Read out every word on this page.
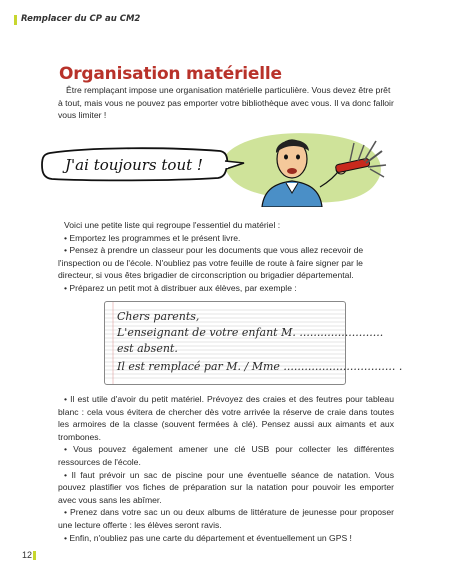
Remplacer du CP au CM2
Organisation matérielle
Être remplaçant impose une organisation matérielle particulière. Vous devez être prêt à tout, mais vous ne pouvez pas emporter votre bibliothèque avec vous. Il va donc falloir vous limiter !
J'ai toujours tout !
Voici une petite liste qui regroupe l'essentiel du matériel :
• Emportez les programmes et le présent livre.
• Pensez à prendre un classeur pour les documents que vous allez recevoir de l'inspection ou de l'école. N'oubliez pas votre feuille de route à faire signer par le directeur, si vous êtes brigadier de circonscription ou brigadier départemental.
• Préparez un petit mot à distribuer aux élèves, par exemple :
Chers parents,
L'enseignant de votre enfant M. ........................
est absent.
Il est remplacé par M. / Mme ................................ .
• Il est utile d'avoir du petit matériel. Prévoyez des craies et des feutres pour tableau blanc : cela vous évitera de chercher dès votre arrivée la réserve de craie dans toutes les armoires de la classe (souvent fermées à clé). Pensez aussi aux aimants et aux trombones.
• Vous pouvez également amener une clé USB pour collecter les différentes ressources de l'école.
• Il faut prévoir un sac de piscine pour une éventuelle séance de natation. Vous pouvez plastifier vos fiches de préparation sur la natation pour pouvoir les emporter avec vous sans les abîmer.
• Prenez dans votre sac un ou deux albums de littérature de jeunesse pour proposer une lecture offerte : les élèves seront ravis.
• Enfin, n'oubliez pas une carte du département et éventuellement un GPS !
12
